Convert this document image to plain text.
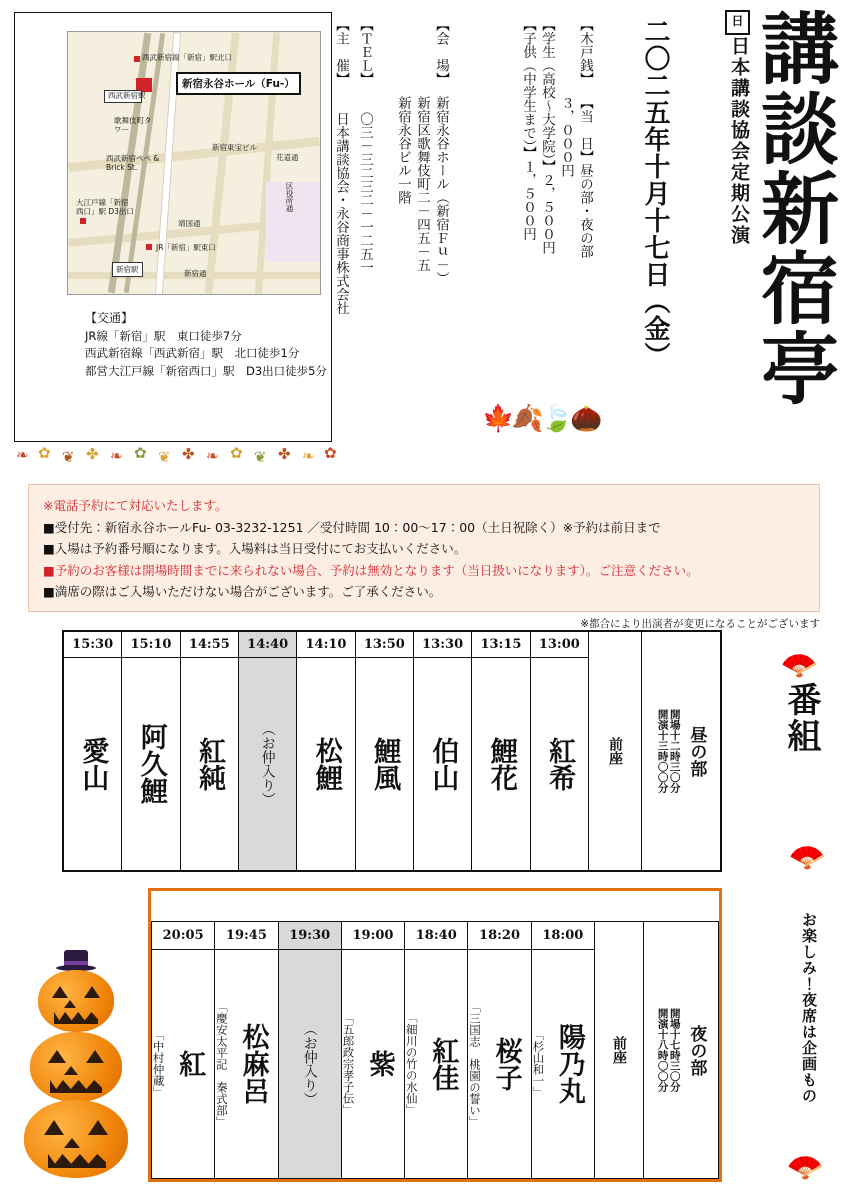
講談新宿亭
日
日本講談協会定期公演
二〇二五年十月十七日（金）
【木戸銭】
【当　日】昼の部・夜の部
３，０００円
【学生（高校～大学院）】２，５００円
【子供（中学生まで）】１，５００円
【会　場】
新宿永谷ホール（新宿Ｆｕ－）
新宿区歌舞伎町二－四五－五
新宿永谷ビル一階
【ＴＥＬ】
〇三－三二三二－一二五一
【主　催】
日本講談協会・永谷商事株式会社
新宿永谷ホール（Fu-）
西武新宿線「新宿」駅北口
西武新宿駅
歌舞伎町タワー
新宿東宝ビル
西武新宿ペペ & Brick St.
花道通
区役所通
靖国通
大江戸線「新宿西口」駅 D3出口
JR「新宿」駅東口
新宿駅	新宿通
【交通】
JR線「新宿」駅　東口徒歩7分
西武新宿線「西武新宿」駅　北口徒歩1分
都営大江戸線「新宿西口」駅　D3出口徒歩5分
❧ ✿ ❦ ✤ ❧ ✿ ❦ ✤ ❧ ✿ ❦ ✤ ❧ ✿
🍁🍂🍃🌰
※電話予約にて対応いたします。
■受付先：新宿永谷ホールFu- 03-3232-1251 ／受付時間 10：00～17：00（土日祝除く）※予約は前日まで
■入場は予約番号順になります。入場料は当日受付にてお支払いください。
■予約のお客様は開場時間までに来られない場合、予約は無効となります（当日扱いになります）。ご注意ください。
■満席の際はご入場いただけない場合がございます。ご了承ください。
※都合により出演者が変更になることがございます
15:30	15:10	14:55	14:40	14:10	13:50	13:30	13:15	13:00	前座	開演十三時〇〇分 開場十二時三〇分 昼の部

愛山	阿久鯉	紅純	（お仲入り）	松鯉	鯉風	伯山	鯉花	紅希		
20:05	19:45	19:30	19:00	18:40	18:20	18:00	前座	開演十八時〇〇分 開場十七時三〇分 夜の部

「中村仲蔵」 紅	「慶安太平記　秦式部」 松麻呂	（お仲入り）	「五郎政宗孝子伝」 紫	「細川の竹の水仙」 紅佳	「三国志　桃園の誓い」 桜子	「杉山和一」 陽乃丸
🪭
番組
🪭
お楽しみ！夜席は企画もの
🪭
